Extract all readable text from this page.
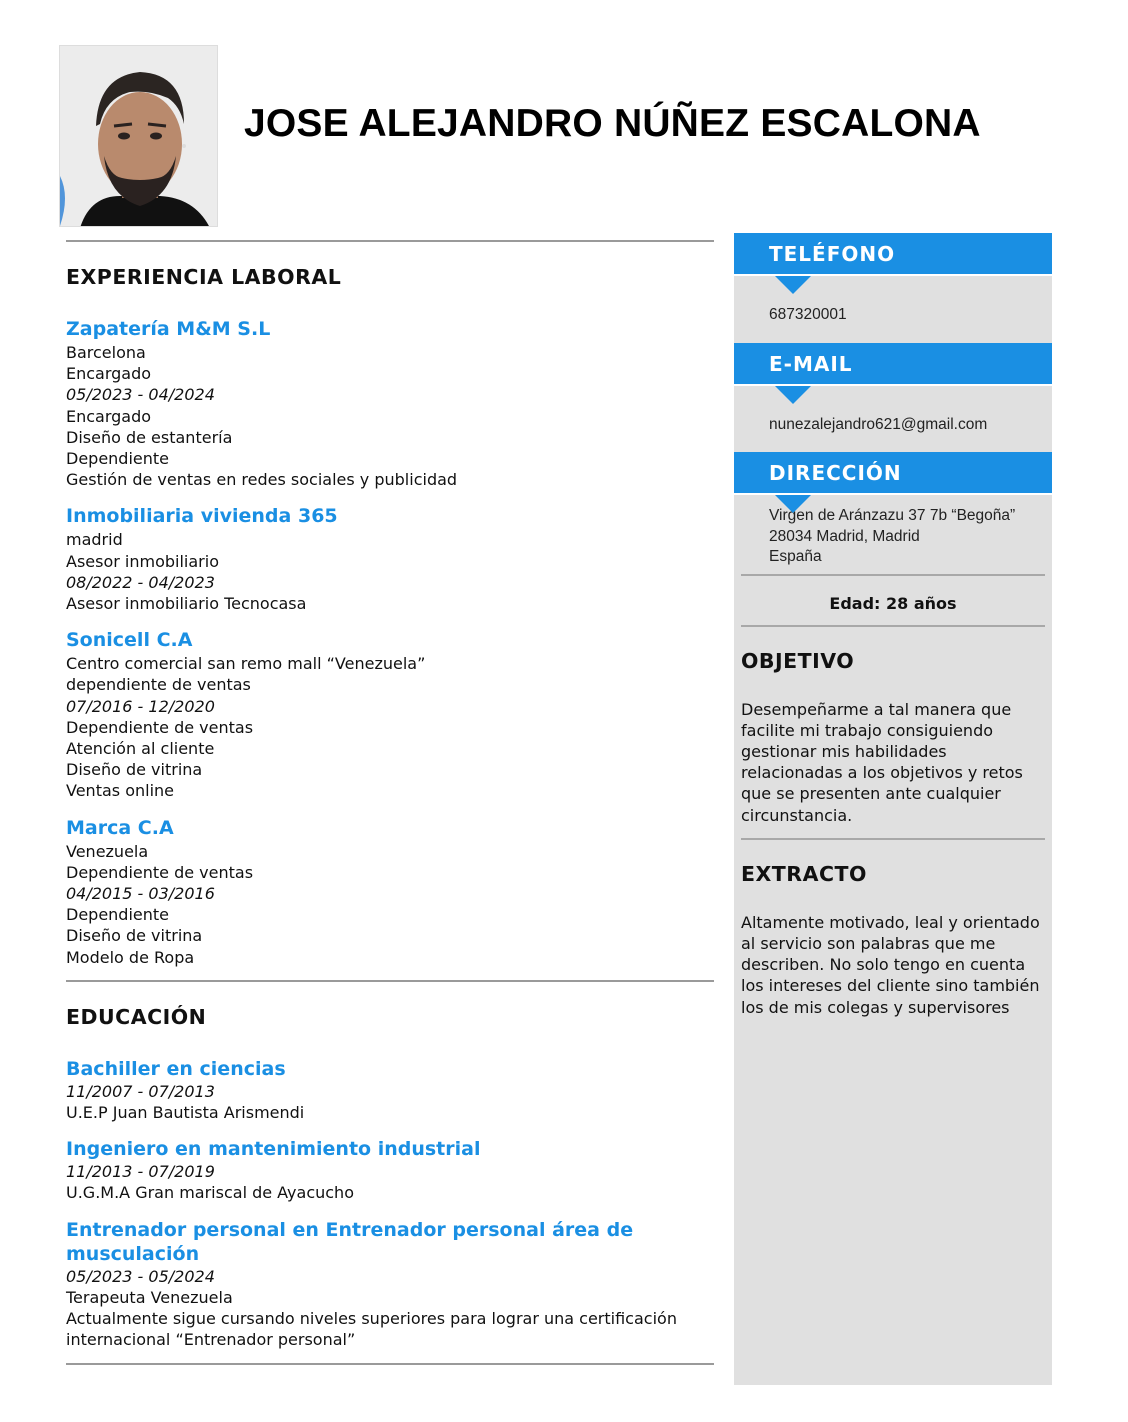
JOSE ALEJANDRO NÚÑEZ ESCALONA
EXPERIENCIA LABORAL
Zapatería M&M S.L
Barcelona
Encargado
05/2023 - 04/2024
Encargado
Diseño de estantería
Dependiente
Gestión de ventas en redes sociales y publicidad
Inmobiliaria vivienda 365
madrid
Asesor inmobiliario
08/2022 - 04/2023
Asesor inmobiliario Tecnocasa
Sonicell C.A
Centro comercial san remo mall “Venezuela”
dependiente de ventas
07/2016 - 12/2020
Dependiente de ventas
Atención al cliente
Diseño de vitrina
Ventas online
Marca C.A
Venezuela
Dependiente de ventas
04/2015 - 03/2016
Dependiente
Diseño de vitrina
Modelo de Ropa
EDUCACIÓN
Bachiller en ciencias
11/2007 - 07/2013
U.E.P Juan Bautista Arismendi
Ingeniero en mantenimiento industrial
11/2013 - 07/2019
U.G.M.A Gran mariscal de Ayacucho
Entrenador personal en Entrenador personal área de musculación
05/2023 - 05/2024
Terapeuta Venezuela
Actualmente sigue cursando niveles superiores para lograr una certificación internacional “Entrenador personal”
TELÉFONO
687320001
E-MAIL
nunezalejandro621@gmail.com
DIRECCIÓN
Virgen de Aránzazu 37 7b “Begoña”
28034 Madrid, Madrid
España
Edad: 28 años
OBJETIVO
Desempeñarme a tal manera que facilite mi trabajo consiguiendo gestionar mis habilidades relacionadas a los objetivos y retos que se presenten ante cualquier circunstancia.
EXTRACTO
Altamente motivado, leal y orientado al servicio son palabras que me describen. No solo tengo en cuenta los intereses del cliente sino también los de mis colegas y supervisores
